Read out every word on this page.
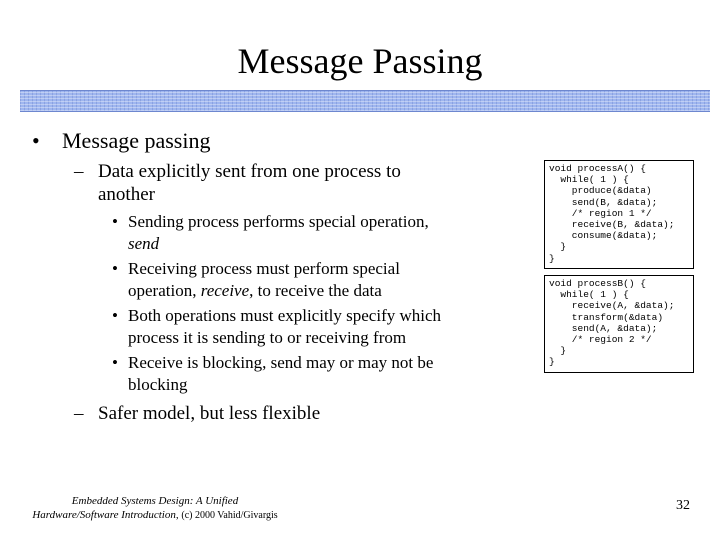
Message Passing
• Message passing
– Data explicitly sent from one process to
another
• Sending process performs special operation,
send
• Receiving process must perform special
operation, receive, to receive the data
• Both operations must explicitly specify which
process it is sending to or receiving from
• Receive is blocking, send may or may not be
blocking
– Safer model, but less flexible
void processA() {
while( 1 ) {
produce(&data)
send(B, &data);
/* region 1 */
receive(B, &data);
consume(&data);
}
}
void processB() {
while( 1 ) {
receive(A, &data);
transform(&data)
send(A, &data);
/* region 2 */
}
}
Embedded Systems Design: A Unified
Hardware/Software Introduction, (c) 2000 Vahid/Givargis
32
